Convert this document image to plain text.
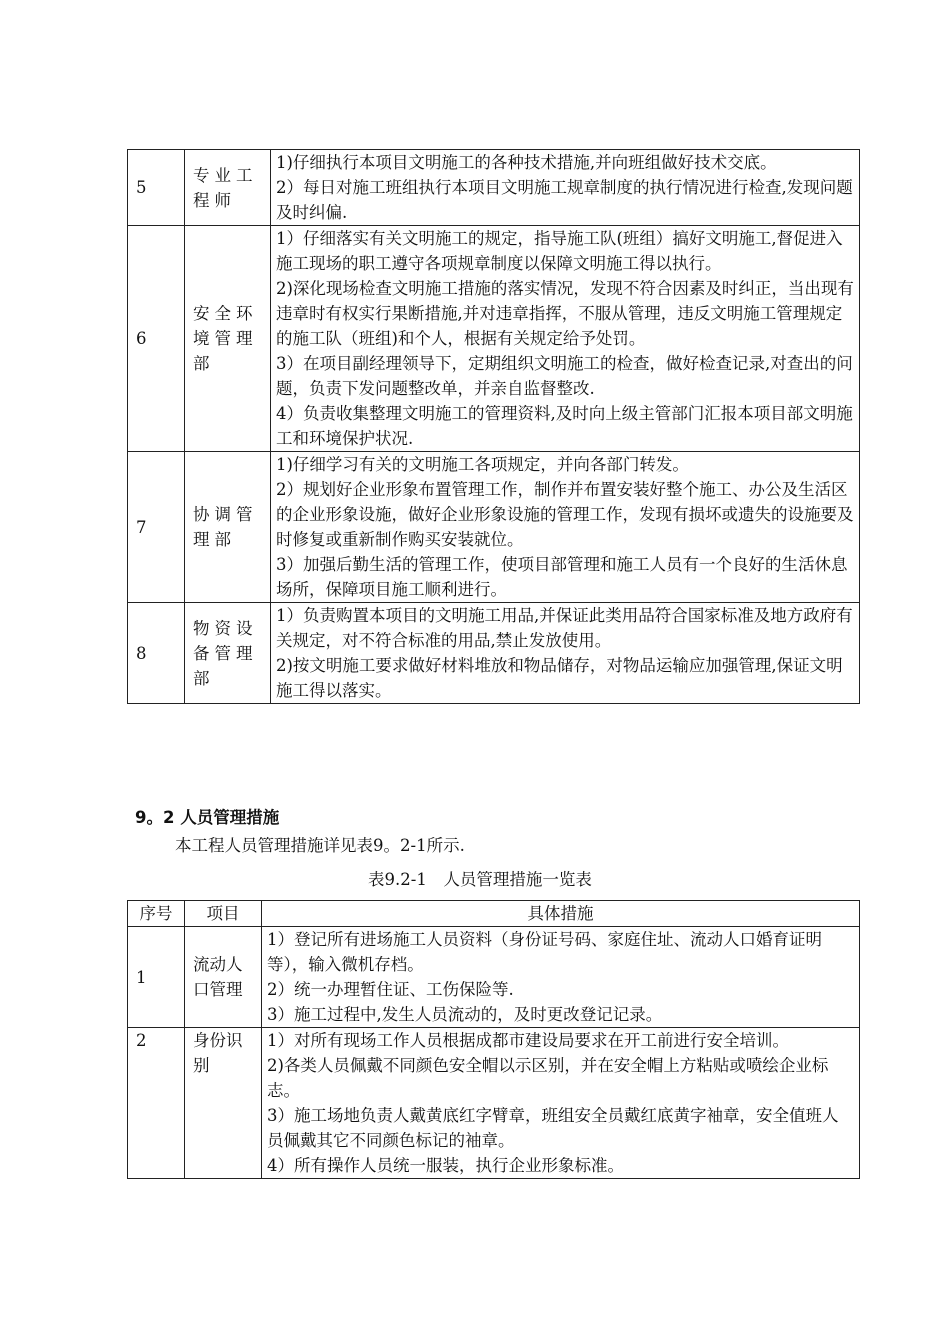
5	专业工程师	1)仔细执行本项目文明施工的各种技术措施,并向班组做好技术交底。

2）每日对施工班组执行本项目文明施工规章制度的执行情况进行检查,发现问题及时纠偏.

6	安全环境管理部	1）仔细落实有关文明施工的规定，指导施工队(班组）搞好文明施工,督促进入施工现场的职工遵守各项规章制度以保障文明施工得以执行。

2)深化现场检查文明施工措施的落实情况，发现不符合因素及时纠正，当出现有违章时有权实行果断措施,并对违章指挥，不服从管理，违反文明施工管理规定的施工队（班组)和个人，根据有关规定给予处罚。

3）在项目副经理领导下，定期组织文明施工的检查，做好检查记录,对查出的问题，负责下发问题整改单，并亲自监督整改.

4）负责收集整理文明施工的管理资料,及时向上级主管部门汇报本项目部文明施工和环境保护状况.

7	协调管理部	1)仔细学习有关的文明施工各项规定，并向各部门转发。

2）规划好企业形象布置管理工作，制作并布置安装好整个施工、办公及生活区的企业形象设施，做好企业形象设施的管理工作，发现有损坏或遗失的设施要及时修复或重新制作购买安装就位。

3）加强后勤生活的管理工作，使项目部管理和施工人员有一个良好的生活休息场所，保障项目施工顺利进行。

8	物资设备管理部	1）负责购置本项目的文明施工用品,并保证此类用品符合国家标准及地方政府有关规定，对不符合标准的用品,禁止发放使用。

2)按文明施工要求做好材料堆放和物品储存，对物品运输应加强管理,保证文明施工得以落实。

9。2 人员管理措施
本工程人员管理措施详见表9。2-1所示.
表9.2-1　人员管理措施一览表
序号	项目	具体措施
1	流动人口管理	1）登记所有进场施工人员资料（身份证号码、家庭住址、流动人口婚育证明等），输入微机存档。

2）统一办理暂住证、工伤保险等.

3）施工过程中,发生人员流动的，及时更改登记记录。

2	身份识别	1）对所有现场工作人员根据成都市建设局要求在开工前进行安全培训。

2)各类人员佩戴不同颜色安全帽以示区别，并在安全帽上方粘贴或喷绘企业标志。

3）施工场地负责人戴黄底红字臂章，班组安全员戴红底黄字袖章，安全值班人员佩戴其它不同颜色标记的袖章。

4）所有操作人员统一服装，执行企业形象标准。
